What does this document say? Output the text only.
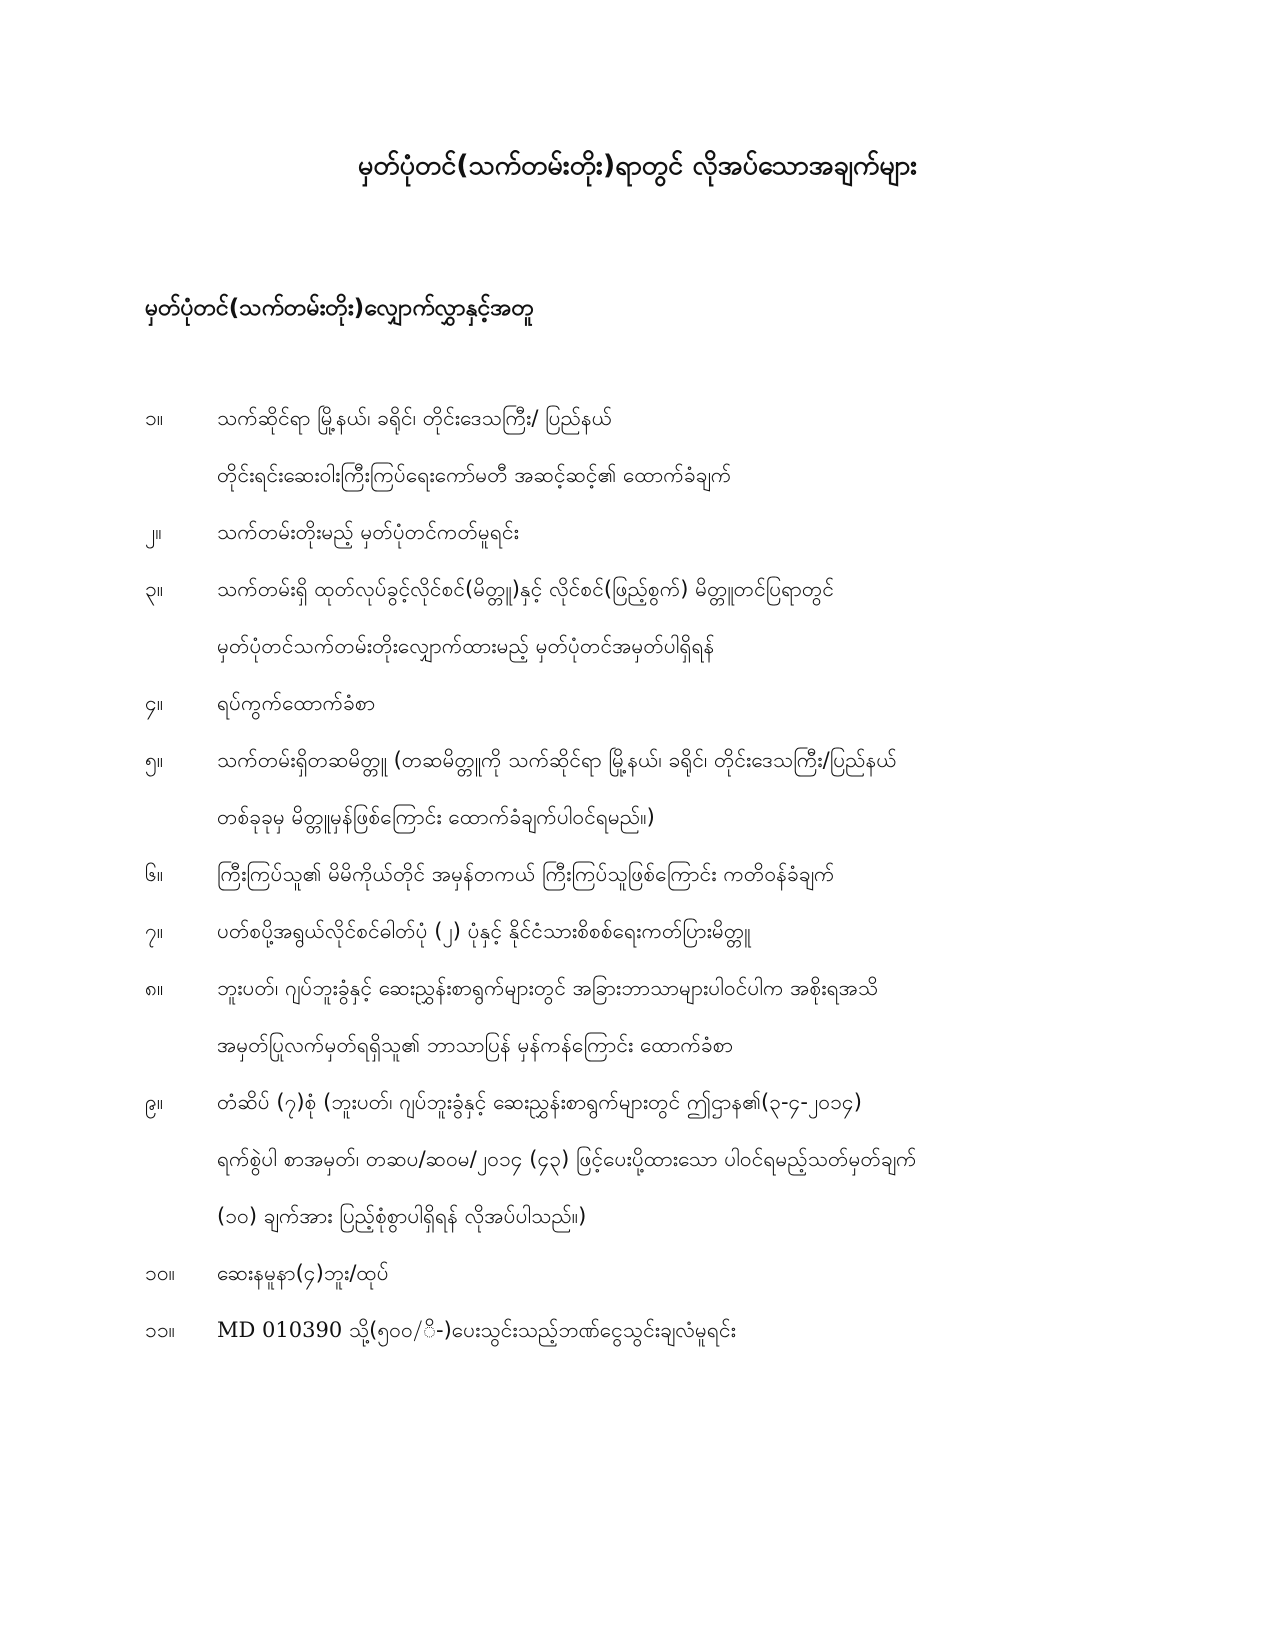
မှတ်ပုံတင်(သက်တမ်းတိုး)ရာတွင် လိုအပ်သောအချက်များ
မှတ်ပုံတင်(သက်တမ်းတိုး)လျှောက်လွှာနှင့်အတူ
၁။	သက်ဆိုင်ရာ မြို့နယ်၊ ခရိုင်၊ တိုင်းဒေသကြီး/ ပြည်နယ်
တိုင်းရင်းဆေးဝါးကြီးကြပ်ရေးကော်မတီ အဆင့်ဆင့်၏ ထောက်ခံချက်
၂။	သက်တမ်းတိုးမည့် မှတ်ပုံတင်ကတ်မူရင်း
၃။	သက်တမ်းရှိ ထုတ်လုပ်ခွင့်လိုင်စင်(မိတ္တူ)နှင့် လိုင်စင်(ဖြည့်စွက်) မိတ္တူတင်ပြရာတွင်
မှတ်ပုံတင်သက်တမ်းတိုးလျှောက်ထားမည့် မှတ်ပုံတင်အမှတ်ပါရှိရန်
၄။	ရပ်ကွက်ထောက်ခံစာ
၅။	သက်တမ်းရှိတဆမိတ္တူ (တဆမိတ္တူကို သက်ဆိုင်ရာ မြို့နယ်၊ ခရိုင်၊ တိုင်းဒေသကြီး/ပြည်နယ်
တစ်ခုခုမှ မိတ္တူမှန်ဖြစ်ကြောင်း ထောက်ခံချက်ပါဝင်ရမည်။)
၆။	ကြီးကြပ်သူ၏ မိမိကိုယ်တိုင် အမှန်တကယ် ကြီးကြပ်သူဖြစ်ကြောင်း ကတိဝန်ခံချက်
၇။	ပတ်စပို့အရွယ်လိုင်စင်ဓါတ်ပုံ (၂) ပုံနှင့် နိုင်ငံသားစိစစ်ရေးကတ်ပြားမိတ္တူ
၈။	ဘူးပတ်၊ ဂျပ်ဘူးခွံနှင့် ဆေးညွှန်းစာရွက်များတွင် အခြားဘာသာများပါဝင်ပါက အစိုးရအသိ
အမှတ်ပြုလက်မှတ်ရရှိသူ၏ ဘာသာပြန် မှန်ကန်ကြောင်း ထောက်ခံစာ
၉။	တံဆိပ် (၇)စုံ (ဘူးပတ်၊ ဂျပ်ဘူးခွံနှင့် ဆေးညွှန်းစာရွက်များတွင် ဤဌာန၏(၃-၄-၂၀၁၄)
ရက်စွဲပါ စာအမှတ်၊ တဆပ/ဆ၀မ/၂၀၁၄ (၄၃) ဖြင့်ပေးပို့ထားသော ပါဝင်ရမည့်သတ်မှတ်ချက်
(၁၀) ချက်အား ပြည့်စုံစွာပါရှိရန် လိုအပ်ပါသည်။)
၁၀။	ဆေးနမူနာ(၄)ဘူး/ထုပ်
၁၁။	MD 010390 သို့(၅၀၀/ိ-)ပေးသွင်းသည့်ဘဏ်ငွေသွင်းချလံမူရင်း
